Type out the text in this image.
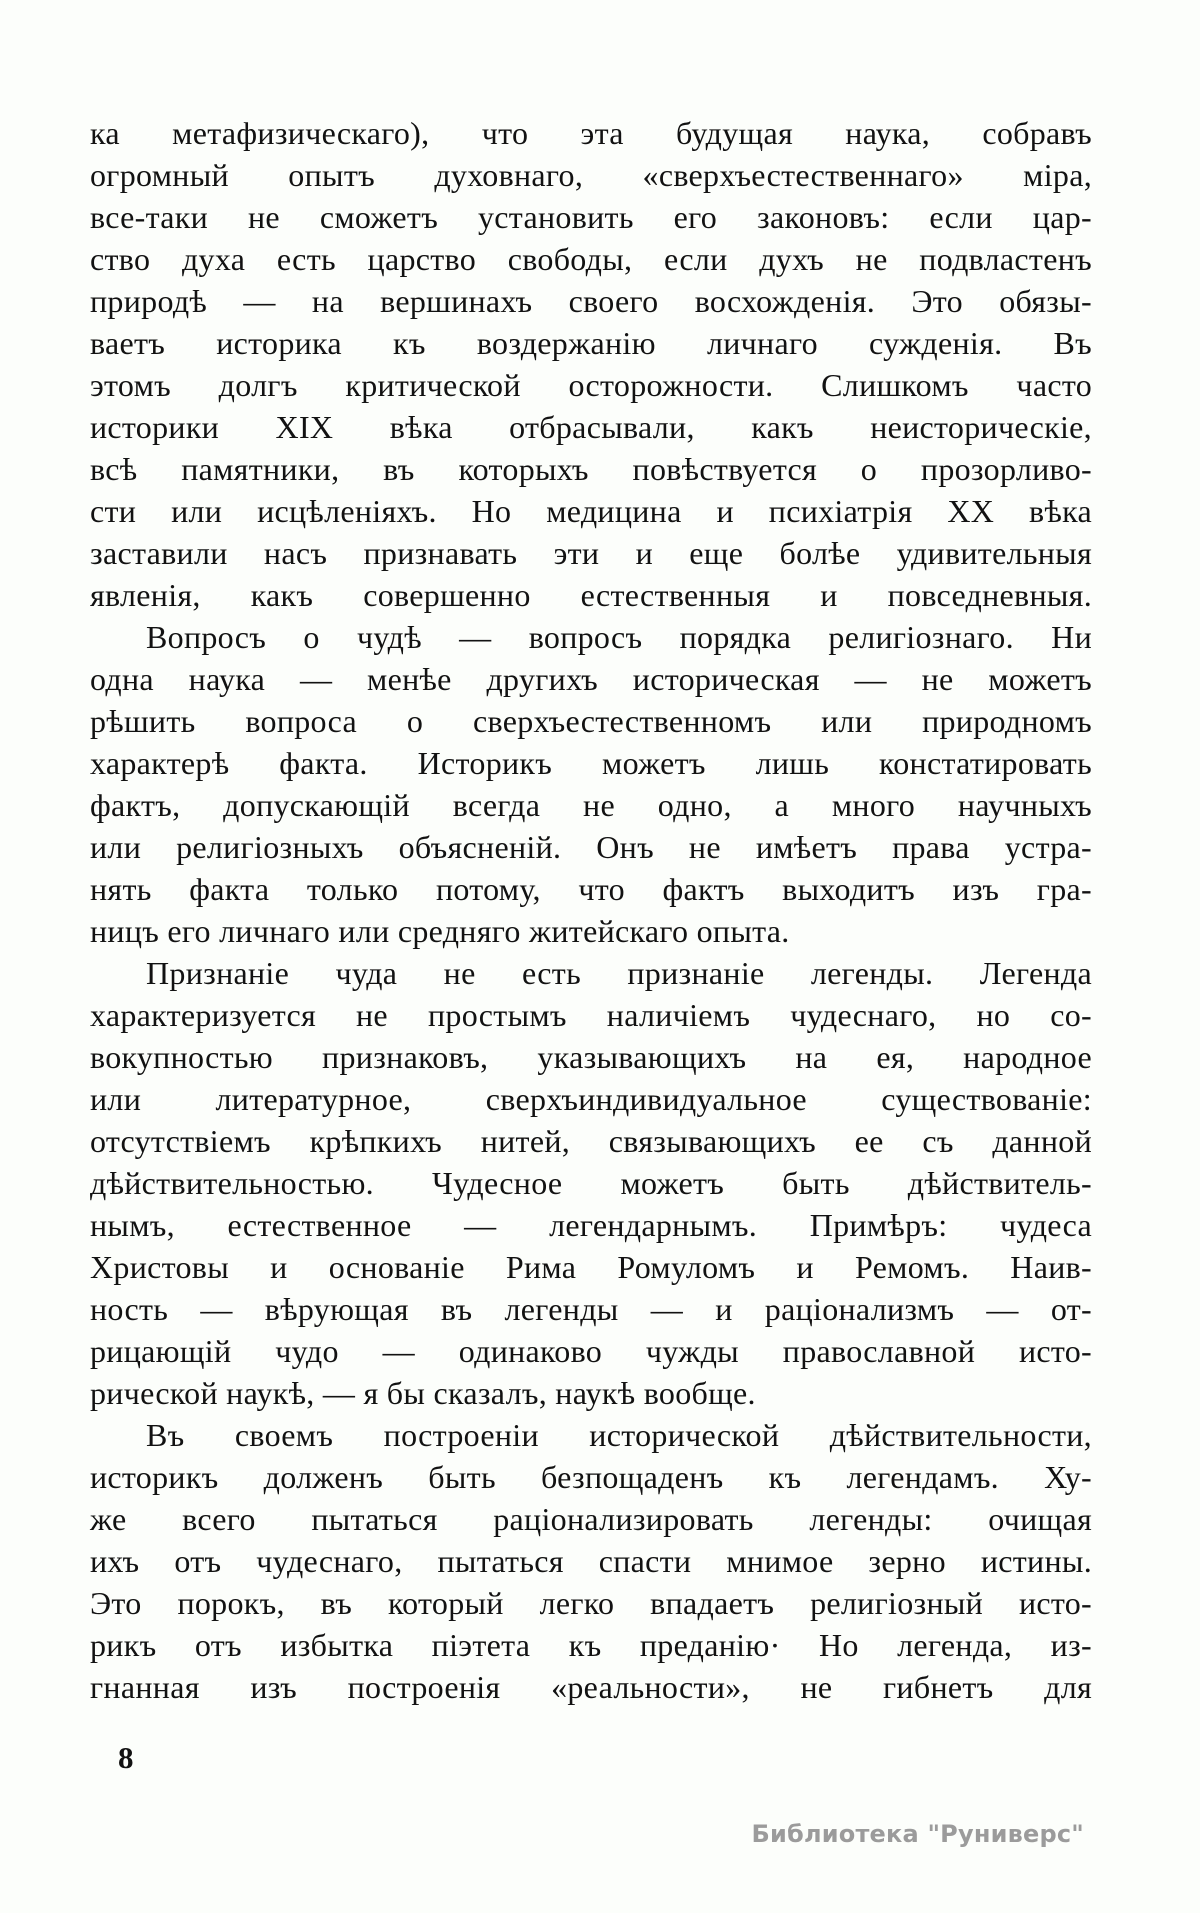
ка метафизическаго), что эта будущая наука, собравъ
огромный опытъ духовнаго, «сверхъестественнаго» міра,
все-таки не сможетъ установить его законовъ: если цар-
ство духа есть царство свободы, если духъ не подвластенъ
природѣ — на вершинахъ своего восхожденія. Это обязы-
ваетъ историка къ воздержанію личнаго сужденія. Въ
этомъ долгъ критической осторожности. Слишкомъ часто
историки XIX вѣка отбрасывали, какъ неисторическіе,
всѣ памятники, въ которыхъ повѣствуется о прозорливо-
сти или исцѣленіяхъ. Но медицина и психіатрія XX вѣка
заставили насъ признавать эти и еще болѣе удивительныя
явленія, какъ совершенно естественныя и повседневныя.
Вопросъ о чудѣ — вопросъ порядка религіознаго. Ни
одна наука — менѣе другихъ историческая — не можетъ
рѣшить вопроса о сверхъестественномъ или природномъ
характерѣ факта. Историкъ можетъ лишь констатировать
фактъ, допускающій всегда не одно, а много научныхъ
или религіозныхъ объясненій. Онъ не имѣетъ права устра-
нять факта только потому, что фактъ выходитъ изъ гра-
ницъ его личнаго или средняго житейскаго опыта.
Признаніе чуда не есть признаніе легенды. Легенда
характеризуется не простымъ наличіемъ чудеснаго, но со-
вокупностью признаковъ, указывающихъ на ея, народное
или литературное, сверхъиндивидуальное существованіе:
отсутствіемъ крѣпкихъ нитей, связывающихъ ее съ данной
дѣйствительностью. Чудесное можетъ быть дѣйствитель-
нымъ, естественное — легендарнымъ. Примѣръ: чудеса
Христовы и основаніе Рима Ромуломъ и Ремомъ. Наив-
ность — вѣрующая въ легенды — и раціонализмъ — от-
рицающій чудо — одинаково чужды православной исто-
рической наукѣ, — я бы сказалъ, наукѣ вообще.
Въ своемъ построеніи исторической дѣйствительности,
историкъ долженъ быть безпощаденъ къ легендамъ. Ху-
же всего пытаться раціонализировать легенды: очищая
ихъ отъ чудеснаго, пытаться спасти мнимое зерно истины.
Это порокъ, въ который легко впадаетъ религіозный исто-
рикъ отъ избытка піэтета къ преданію· Но легенда, из-
гнанная изъ построенія «реальности», не гибнетъ для
8
Библиотека "Руниверс"
